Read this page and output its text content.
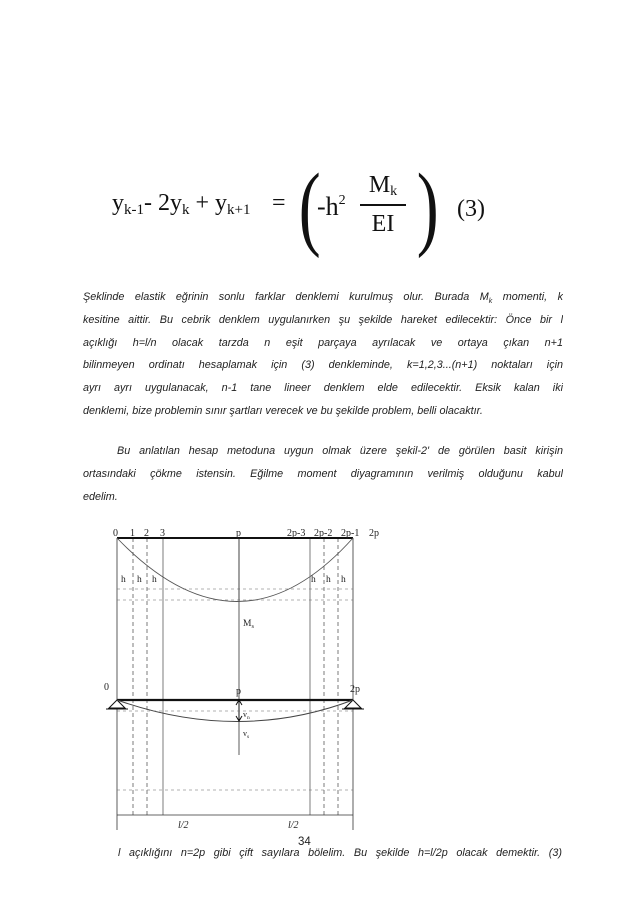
$y_{k-1}-$ $2y_k + y_{k+1}$ = (
$-h^2$
$M_k$
EI ) (3)
Şeklinde elastik eğrinin sonlu farklar denklemi kurulmuş olur. Burada $M_k$ momenti, k
kesitine aittir. Bu cebrik denklem uygulanırken şu şekilde hareket edilecektir: Önce bir l
açıklığı h=l/n olacak tarzda n eşit parçaya ayrılacak ve ortaya çıkan n+1
bilinmeyen ordinatı hesaplamak için (3) denkleminde, k=1,2,3...(n+1) noktaları için
ayrı ayrı uygulanacak, n-1 tane lineer denklem elde edilecektir. Eksik kalan iki
denklemi, bize problemin sınır şartları verecek ve bu şekilde problem, belli olacaktır.
Bu anlatılan hesap metoduna uygun olmak üzere şekil-2' de görülen basit kirişin
ortasındaki çökme istensin. Eğilme moment diyagramının verilmiş olduğunu kabul
edelim.
0 1 2 3	p	2p-3 2p-2 2p-1 2p
h h h	h h h
$M_s$
0	p	2p
$v_n$
$v_s$
l/2	l/2
34
l açıklığını n=2p gibi çift sayılara bölelim. Bu şekilde h=l/2p olacak demektir. (3)
